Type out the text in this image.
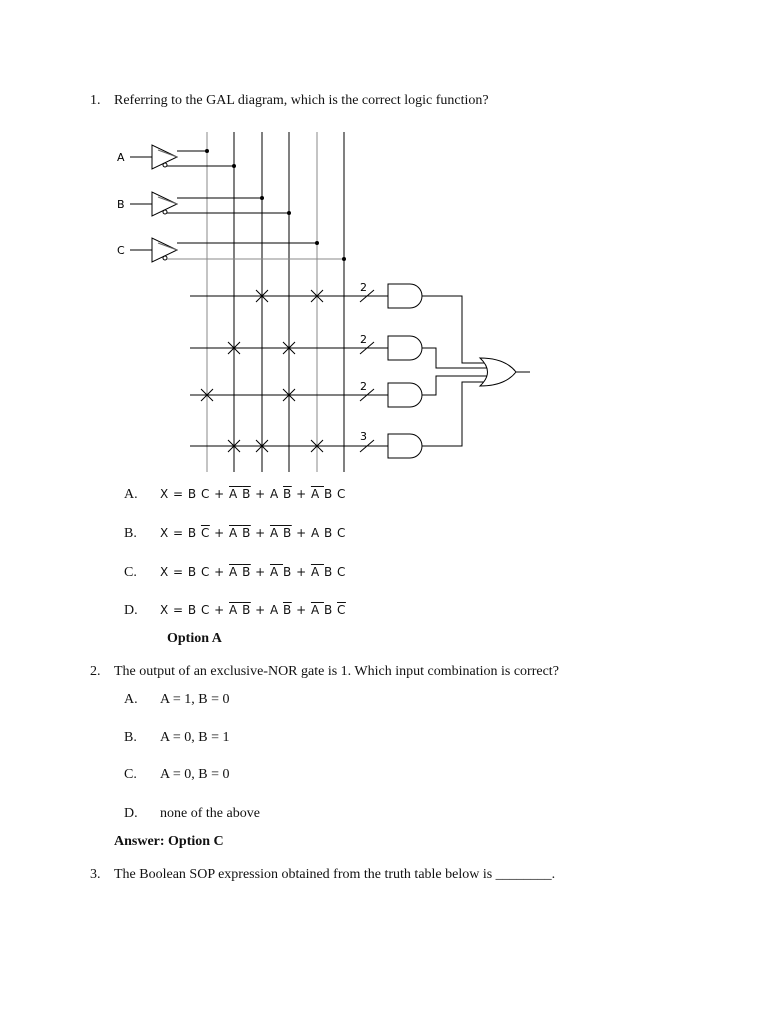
1. Referring to the GAL diagram, which is the correct logic function?
A
B
C
2
2
2
3
A. X = B C + A $\overline{B} + A$ $\overline{B} + A$ B C
B. X = B $\overline{C} + A$ $\overline{B} + A$ $\overline{B} + A$ B C
C. X = B C + A $\overline{B} + A$ B + A B C
D. X = B C + A $\overline{B} + A$ $\overline{B} + A$ B $\overline{C}$
Option A
2. The output of an exclusive-NOR gate is 1. Which input combination is correct?
A. A = 1, B = 0
B. A = 0, B = 1
C. A = 0, B = 0
D. none of the above
Answer: Option C
3. The Boolean SOP expression obtained from the truth table below is ________.
